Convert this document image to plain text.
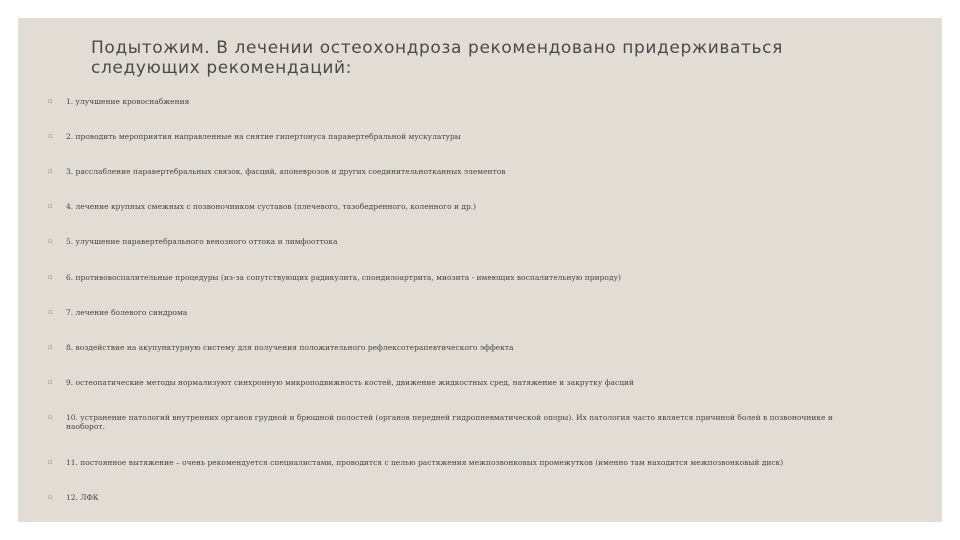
Подытожим. В лечении остеохондроза рекомендовано придерживаться следующих рекомендаций:
▫	1. улучшение кровоснабжения
▫	2. проводить мероприятия направленные на снятие гипертонуса паравертебральной мускулатуры
▫	3. расслабление паравертебральных связок, фасций, апоневрозов и других соединительнотканных элементов
▫	4. лечение крупных смежных с позвоночником суставов (плечевого, тазобедренного, коленного и др.)
▫	5. улучшение паравертебрального венозного оттока и лимфооттока
▫	6. противовоспалительные процедуры (из-за сопутствующих радикулита, спондилоартрита, миозита - имеющих воспалительную природу)
▫	7. лечение болевого синдрома
▫	8. воздействие на акупунктурную систему для получения положительного рефлексотерапевтического эффекта
▫	9. остеопатические методы нормализуют синхронную микроподвижность костей, движение жидкостных сред, натяжение и закрутку фасций
▫	10. устранение патологий внутренних органов грудной и брюшной полостей (органов передней гидропневматической опоры). Их патология часто является причиной болей в позвоночнике и наоборот.
▫	11. постоянное вытяжение – очень рекомендуется специалистами, проводится с целью растяжения межпозвонковых промежутков (именно там находится межпозвонковый диск)
▫	12. ЛФК
